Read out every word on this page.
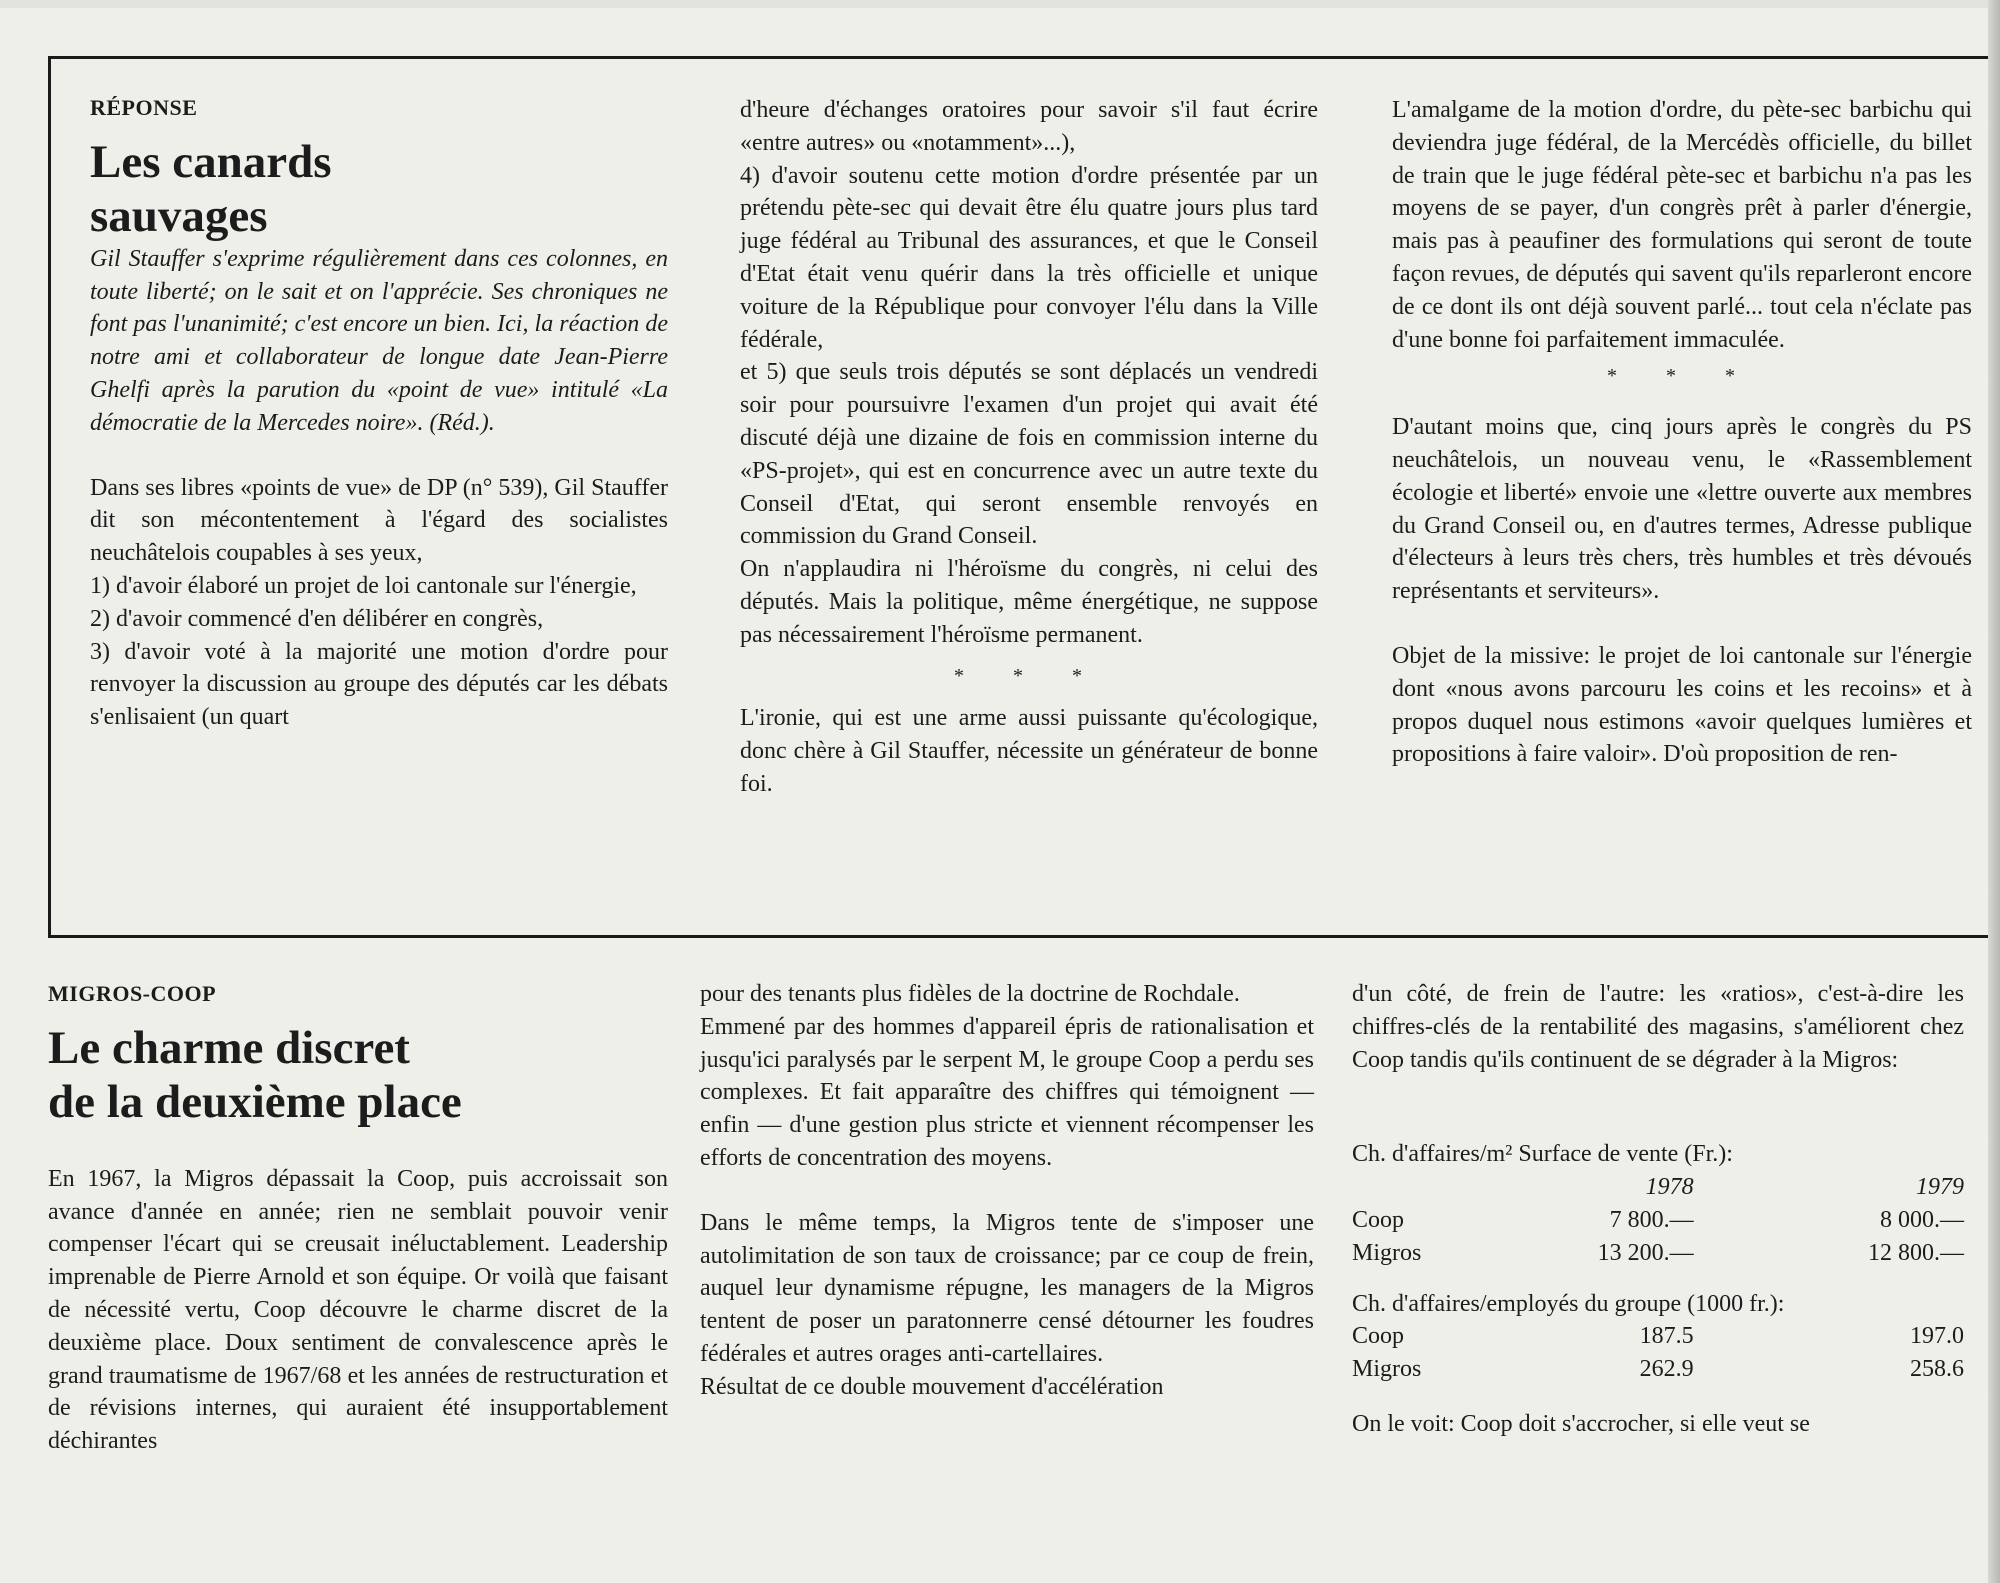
RÉPONSE
Les canards
sauvages

Gil Stauffer s'exprime régulièrement dans ces colonnes, en toute liberté; on le sait et on l'apprécie. Ses chroniques ne font pas l'unanimité; c'est encore un bien. Ici, la réaction de notre ami et collaborateur de longue date Jean-Pierre Ghelfi après la parution du «point de vue» intitulé «La démocratie de la Mercedes noire». (Réd.).

Dans ses libres «points de vue» de DP (n° 539), Gil Stauffer dit son mécontentement à l'égard des socialistes neuchâtelois coupables à ses yeux,

1) d'avoir élaboré un projet de loi cantonale sur l'énergie,

2) d'avoir commencé d'en délibérer en congrès,

3) d'avoir voté à la majorité une motion d'ordre pour renvoyer la discussion au groupe des députés car les débats s'enlisaient (un quart

d'heure d'échanges oratoires pour savoir s'il faut écrire «entre autres» ou «notamment»...),

4) d'avoir soutenu cette motion d'ordre présentée par un prétendu pète-sec qui devait être élu quatre jours plus tard juge fédéral au Tribunal des assurances, et que le Conseil d'Etat était venu quérir dans la très officielle et unique voiture de la République pour convoyer l'élu dans la Ville fédérale,

et 5) que seuls trois députés se sont déplacés un vendredi soir pour poursuivre l'examen d'un projet qui avait été discuté déjà une dizaine de fois en commission interne du «PS-projet», qui est en concurrence avec un autre texte du Conseil d'Etat, qui seront ensemble renvoyés en commission du Grand Conseil.

On n'applaudira ni l'héroïsme du congrès, ni celui des députés. Mais la politique, même énergétique, ne suppose pas nécessairement l'héroïsme permanent.

* * *

L'ironie, qui est une arme aussi puissante qu'écologique, donc chère à Gil Stauffer, nécessite un générateur de bonne foi.

L'amalgame de la motion d'ordre, du pète-sec barbichu qui deviendra juge fédéral, de la Mercédès officielle, du billet de train que le juge fédéral pète-sec et barbichu n'a pas les moyens de se payer, d'un congrès prêt à parler d'énergie, mais pas à peaufiner des formulations qui seront de toute façon revues, de députés qui savent qu'ils reparleront encore de ce dont ils ont déjà souvent parlé... tout cela n'éclate pas d'une bonne foi parfaitement immaculée.

* * *

D'autant moins que, cinq jours après le congrès du PS neuchâtelois, un nouveau venu, le «Rassemblement écologie et liberté» envoie une «lettre ouverte aux membres du Grand Conseil ou, en d'autres termes, Adresse publique d'électeurs à leurs très chers, très humbles et très dévoués représentants et serviteurs».

Objet de la missive: le projet de loi cantonale sur l'énergie dont «nous avons parcouru les coins et les recoins» et à propos duquel nous estimons «avoir quelques lumières et propositions à faire valoir». D'où proposition de ren-

MIGROS-COOP
Le charme discret
de la deuxième place

En 1967, la Migros dépassait la Coop, puis accroissait son avance d'année en année; rien ne semblait pouvoir venir compenser l'écart qui se creusait inéluctablement. Leadership imprenable de Pierre Arnold et son équipe. Or voilà que faisant de nécessité vertu, Coop découvre le charme discret de la deuxième place. Doux sentiment de convalescence après le grand traumatisme de 1967/68 et les années de restructuration et de révisions internes, qui auraient été insupportablement déchirantes

pour des tenants plus fidèles de la doctrine de Rochdale.

Emmené par des hommes d'appareil épris de rationalisation et jusqu'ici paralysés par le serpent M, le groupe Coop a perdu ses complexes. Et fait apparaître des chiffres qui témoignent — enfin — d'une gestion plus stricte et viennent récompenser les efforts de concentration des moyens.

Dans le même temps, la Migros tente de s'imposer une autolimitation de son taux de croissance; par ce coup de frein, auquel leur dynamisme répugne, les managers de la Migros tentent de poser un paratonnerre censé détourner les foudres fédérales et autres orages anti-cartellaires.

Résultat de ce double mouvement d'accélération

d'un côté, de frein de l'autre: les «ratios», c'est-à-dire les chiffres-clés de la rentabilité des magasins, s'améliorent chez Coop tandis qu'ils continuent de se dégrader à la Migros:

Ch. d'affaires/m² Surface de vente (Fr.):

	1978	1979
Coop	7 800.—	8 000.—
Migros	13 200.—	12 800.—

Ch. d'affaires/employés du groupe (1000 fr.):

Coop	187.5	197.0
Migros	262.9	258.6

On le voit: Coop doit s'accrocher, si elle veut se
